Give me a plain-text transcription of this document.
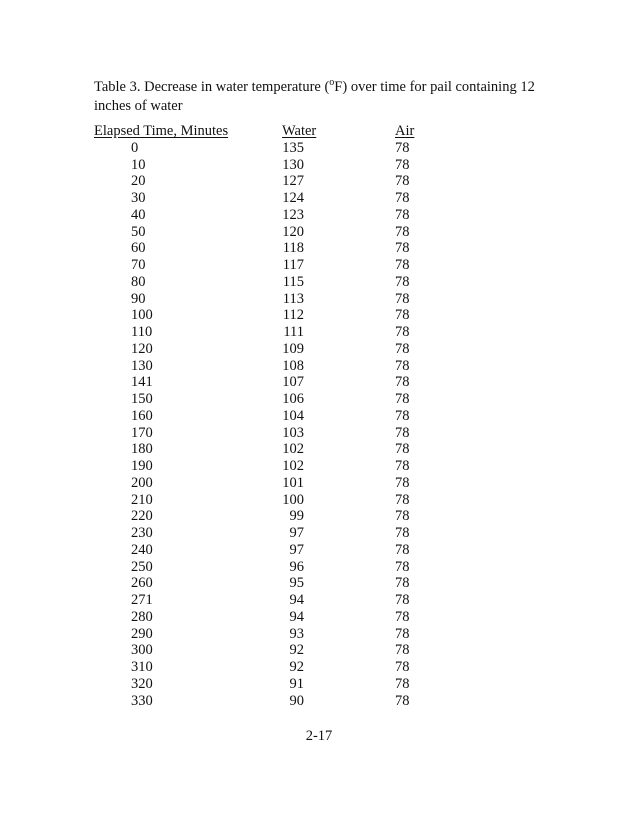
Table 3. Decrease in water temperature ($^o$F) over time for pail containing 12 inches of water
Elapsed Time, Minutes	Water	Air
0	135	78
10	130	78
20	127	78
30	124	78
40	123	78
50	120	78
60	118	78
70	117	78
80	115	78
90	113	78
100	112	78
110	111	78
120	109	78
130	108	78
141	107	78
150	106	78
160	104	78
170	103	78
180	102	78
190	102	78
200	101	78
210	100	78
220	99	78
230	97	78
240	97	78
250	96	78
260	95	78
271	94	78
280	94	78
290	93	78
300	92	78
310	92	78
320	91	78
330	90	78
2-17
